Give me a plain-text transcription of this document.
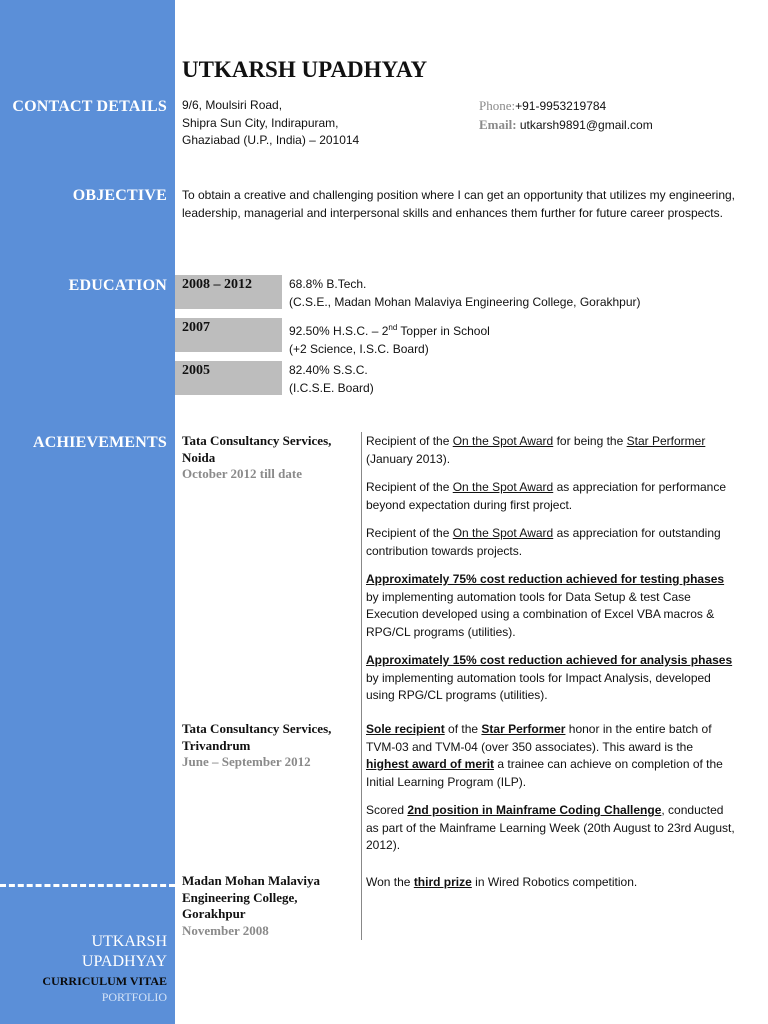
CONTACT DETAILS
OBJECTIVE
EDUCATION
ACHIEVEMENTS
UTKARSH
UPADHYAY
CURRICULUM VITAE
PORTFOLIO
UTKARSH UPADHYAY
9/6, Moulsiri Road,
Shipra Sun City, Indirapuram,
Ghaziabad (U.P., India) – 201014
Phone:+91-9953219784
Email: utkarsh9891@gmail.com
To obtain a creative and challenging position where I can get an opportunity that utilizes my engineering, leadership, managerial and interpersonal skills and enhances them further for future career prospects.
2008 – 2012	68.8% B.Tech.
(C.S.E., Madan Mohan Malaviya Engineering College, Gorakhpur)
2007	92.50% H.S.C. – 2nd Topper in School
(+2 Science, I.S.C. Board)
2005	82.40% S.S.C.
(I.C.S.E. Board)
Tata Consultancy Services, Noida
October 2012 till date
Recipient of the On the Spot Award for being the Star Performer (January 2013).
Recipient of the On the Spot Award as appreciation for performance beyond expectation during first project.
Recipient of the On the Spot Award as appreciation for outstanding contribution towards projects.
Approximately 75% cost reduction achieved for testing phases by implementing automation tools for Data Setup & test Case Execution developed using a combination of Excel VBA macros & RPG/CL programs (utilities).
Approximately 15% cost reduction achieved for analysis phases by implementing automation tools for Impact Analysis, developed using RPG/CL programs (utilities).
Tata Consultancy Services, Trivandrum
June – September 2012
Sole recipient of the Star Performer honor in the entire batch of TVM-03 and TVM-04 (over 350 associates). This award is the highest award of merit a trainee can achieve on completion of the Initial Learning Program (ILP).
Scored 2nd position in Mainframe Coding Challenge, conducted as part of the Mainframe Learning Week (20th August to 23rd August, 2012).
Madan Mohan Malaviya Engineering College, Gorakhpur
November 2008
Won the third prize in Wired Robotics competition.
